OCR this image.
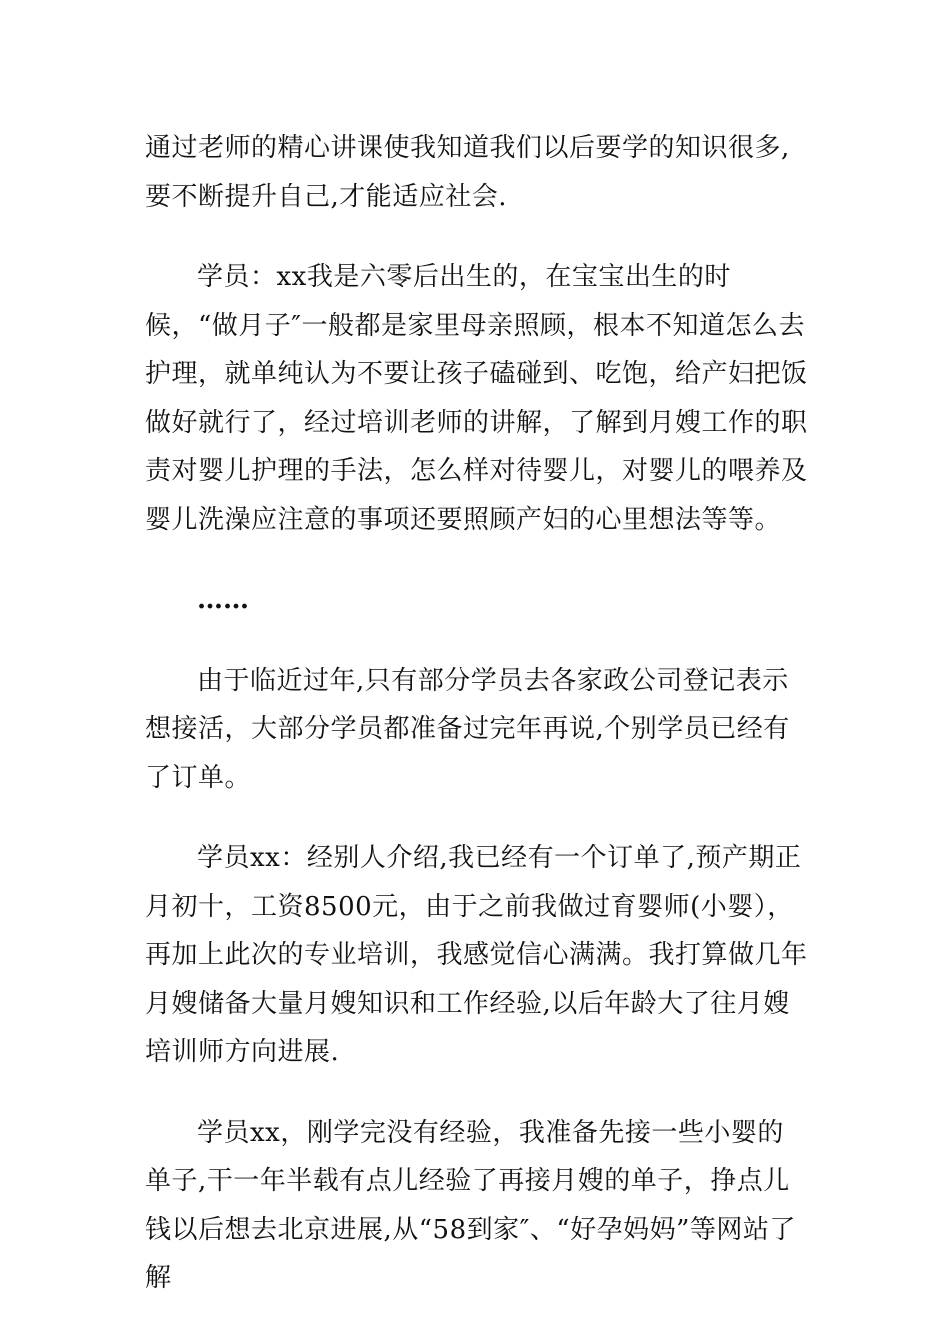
通过老师的精心讲课使我知道我们以后要学的知识很多,要不断提升自己,才能适应社会.

学员：xx我是六零后出生的，在宝宝出生的时候，“做月子″一般都是家里母亲照顾，根本不知道怎么去护理，就单纯认为不要让孩子磕碰到、吃饱，给产妇把饭做好就行了，经过培训老师的讲解，了解到月嫂工作的职责对婴儿护理的手法，怎么样对待婴儿，对婴儿的喂养及婴儿洗澡应注意的事项还要照顾产妇的心里想法等等。

……

由于临近过年,只有部分学员去各家政公司登记表示想接活，大部分学员都准备过完年再说,个别学员已经有了订单。

学员xx：经别人介绍,我已经有一个订单了,预产期正月初十，工资8500元，由于之前我做过育婴师(小婴），再加上此次的专业培训，我感觉信心满满。我打算做几年月嫂储备大量月嫂知识和工作经验,以后年龄大了往月嫂培训师方向进展.

学员xx，刚学完没有经验，我准备先接一些小婴的单子,干一年半载有点儿经验了再接月嫂的单子，挣点儿钱以后想去北京进展,从“58到家″、“好孕妈妈”等网站了解
